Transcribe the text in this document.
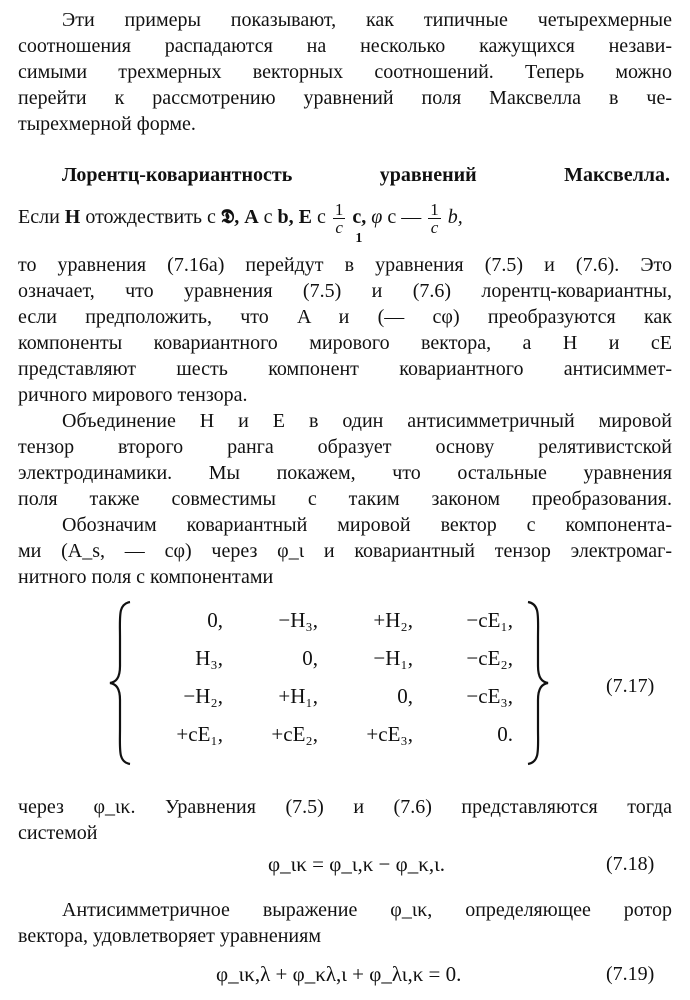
Эти примеры показывают, как типичные четырехмерные
соотношения распадаются на несколько кажущихся незави-
симыми трехмерных векторных соотношений. Теперь можно
перейти к рассмотрению уравнений поля Максвелла в че-
тырехмерной форме.
Лорентц-ковариантность	уравнений	Максвелла.
Если H отождествить с 𝕯, A с b, E с $\frac{1}{c} c$,
1
φ с — $\frac{1}{c} b$,
то уравнения (7.16а) перейдут в уравнения (7.5) и (7.6). Это
означает, что уравнения (7.5) и (7.6) лорентц-ковариантны,
если предположить, что A и (— cφ) преобразуются как
компоненты ковариантного мирового вектора, а H и cE
представляют шесть компонент ковариантного антисиммет-
ричного мирового тензора.
Объединение H и E в один антисимметричный мировой
тензор второго ранга образует основу релятивистской
электродинамики. Мы покажем, что остальные уравнения
поля также совместимы с таким законом преобразования.
Обозначим ковариантный мировой вектор с компонента-
ми (A_s, — cφ) через φ_ι и ковариантный тензор электромаг-
нитного поля с компонентами
0,	−H₃,	+H₂,	−cE₁,
H₃,	0,	−H₁,	−cE₂,
−H₂,	+H₁,	0,	−cE₃,
+cE₁,	+cE₂,	+cE₃,	0.
(7.17)
через φ_ικ. Уравнения (7.5) и (7.6) представляются тогда
системой
φ_ικ = φ_ι,κ − φ_κ,ι.	(7.18)
Антисимметричное выражение φ_ικ, определяющее ротор
вектора, удовлетворяет уравнениям
φ_ικ,λ + φ_κλ,ι + φ_λι,κ = 0.	(7.19)
